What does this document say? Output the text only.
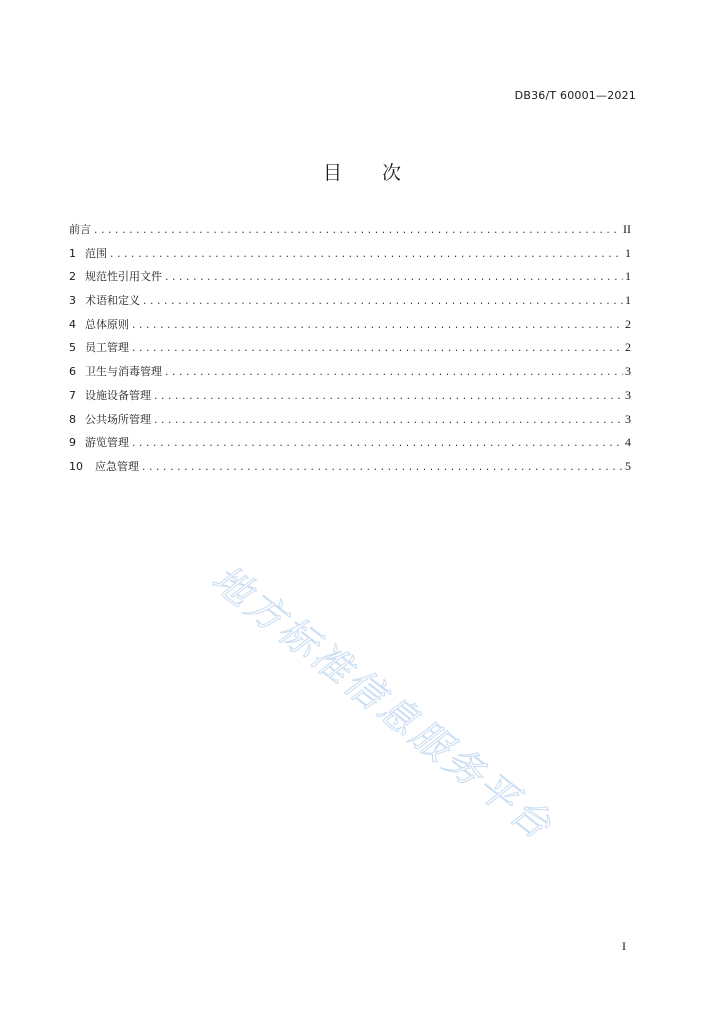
DB36/T 60001—2021
目 次
前言 .....	II
1 范围 .....	1
2 规范性引用文件 .....	1
3 术语和定义 .....	1
4 总体原则 .....	2
5 员工管理 .....	2
6 卫生与消毒管理 .....	3
7 设施设备管理 .....	3
8 公共场所管理 .....	3
9 游览管理 .....	4
10	应急管理 .....	5
地方标准信息服务平台
I
